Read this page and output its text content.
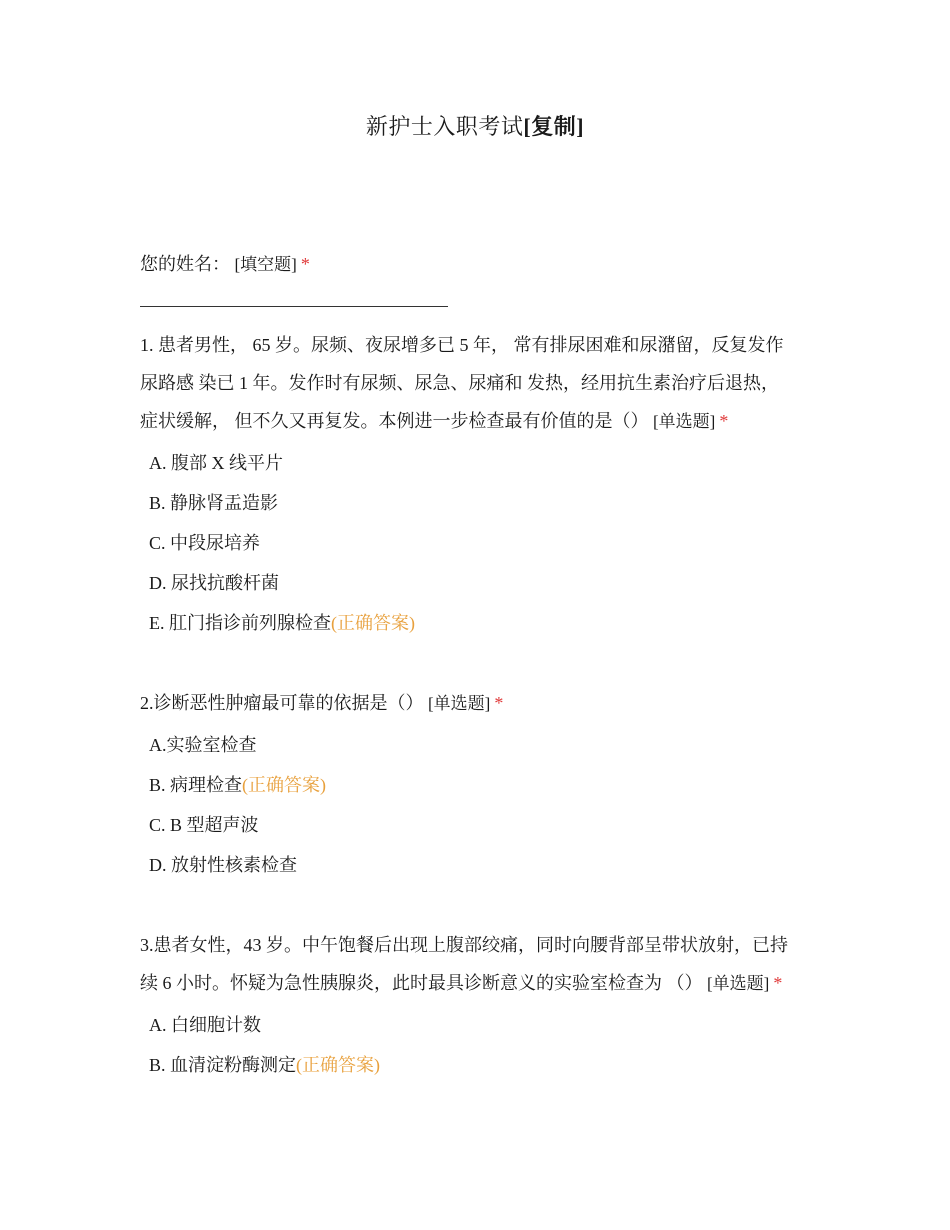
新护士入职考试[复制]

您的姓名： [填空题] *

1. 患者男性， 65 岁。尿频、夜尿增多已 5 年， 常有排尿困难和尿潴留，反复发作
尿路感 染已 1 年。发作时有尿频、尿急、尿痛和 发热，经用抗生素治疗后退热，
症状缓解， 但不久又再复发。本例进一步检查最有价值的是（） [单选题] *

A. 腹部 X 线平片
B. 静脉肾盂造影
C. 中段尿培养
D. 尿找抗酸杆菌
E. 肛门指诊前列腺检查(正确答案)

2.诊断恶性肿瘤最可靠的依据是（） [单选题] *

A.实验室检查
B. 病理检查(正确答案)
C. B 型超声波
D. 放射性核素检查

3.患者女性，43 岁。中午饱餐后出现上腹部绞痛，同时向腰背部呈带状放射，已持
续 6 小时。怀疑为急性胰腺炎，此时最具诊断意义的实验室检查为 （） [单选题] *

A. 白细胞计数
B. 血清淀粉酶测定(正确答案)
